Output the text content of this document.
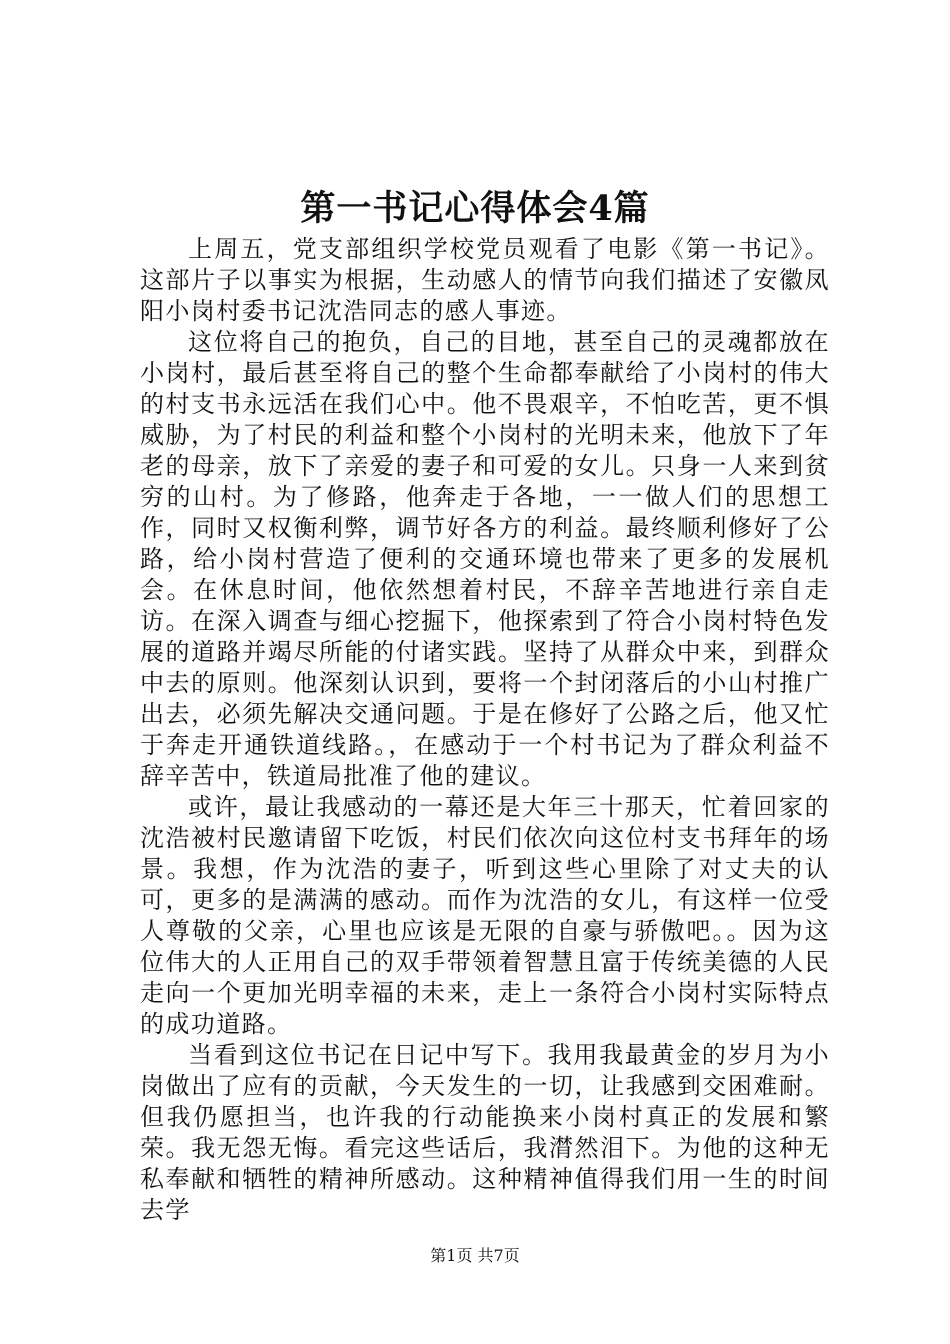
第一书记心得体会4篇

上周五，党支部组织学校党员观看了电影《第一书记》。这部片子以事实为根据，生动感人的情节向我们描述了安徽凤阳小岗村委书记沈浩同志的感人事迹。

这位将自己的抱负，自己的目地，甚至自己的灵魂都放在小岗村，最后甚至将自己的整个生命都奉献给了小岗村的伟大的村支书永远活在我们心中。他不畏艰辛，不怕吃苦，更不惧威胁，为了村民的利益和整个小岗村的光明未来，他放下了年老的母亲，放下了亲爱的妻子和可爱的女儿。只身一人来到贫穷的山村。为了修路，他奔走于各地，一一做人们的思想工作，同时又权衡利弊，调节好各方的利益。最终顺利修好了公路，给小岗村营造了便利的交通环境也带来了更多的发展机会。在休息时间，他依然想着村民，不辞辛苦地进行亲自走访。在深入调查与细心挖掘下，他探索到了符合小岗村特色发展的道路并竭尽所能的付诸实践。坚持了从群众中来，到群众中去的原则。他深刻认识到，要将一个封闭落后的小山村推广出去，必须先解决交通问题。于是在修好了公路之后，他又忙于奔走开通铁道线路。，在感动于一个村书记为了群众利益不辞辛苦中，铁道局批准了他的建议。

或许，最让我感动的一幕还是大年三十那天，忙着回家的沈浩被村民邀请留下吃饭，村民们依次向这位村支书拜年的场景。我想，作为沈浩的妻子，听到这些心里除了对丈夫的认可，更多的是满满的感动。而作为沈浩的女儿，有这样一位受人尊敬的父亲，心里也应该是无限的自豪与骄傲吧。。因为这位伟大的人正用自己的双手带领着智慧且富于传统美德的人民走向一个更加光明幸福的未来，走上一条符合小岗村实际特点的成功道路。

当看到这位书记在日记中写下。我用我最黄金的岁月为小岗做出了应有的贡献，今天发生的一切，让我感到交困难耐。但我仍愿担当，也许我的行动能换来小岗村真正的发展和繁荣。我无怨无悔。看完这些话后，我潸然泪下。为他的这种无私奉献和牺牲的精神所感动。这种精神值得我们用一生的时间去学

第1页 共7页
